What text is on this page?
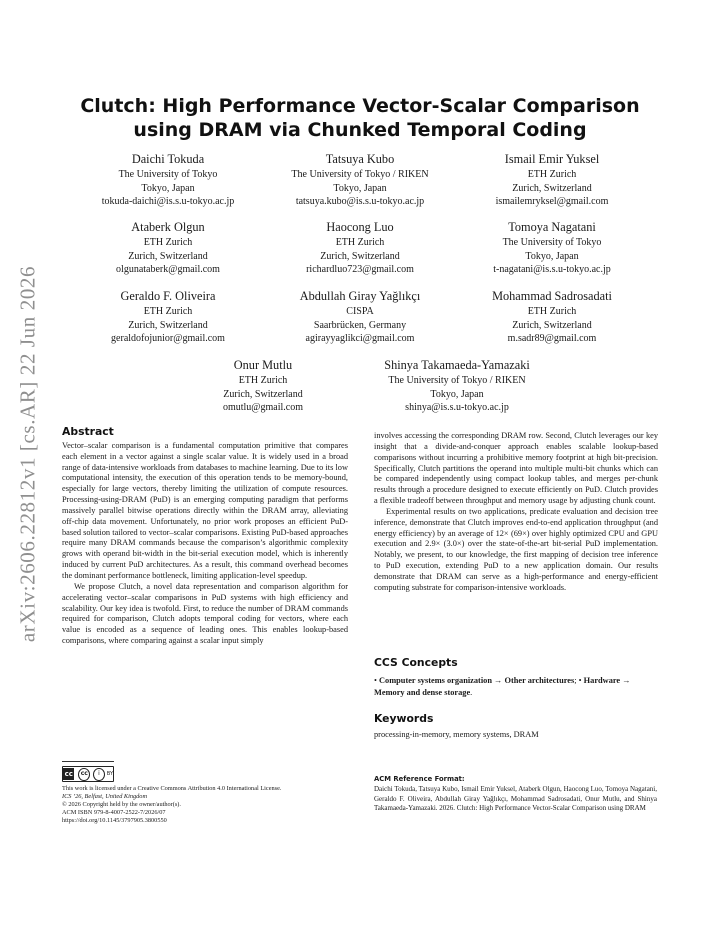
arXiv:2606.22812v1 [cs.AR] 22 Jun 2026
Clutch: High Performance Vector-Scalar Comparison
using DRAM via Chunked Temporal Coding
Daichi Tokuda
The University of Tokyo
Tokyo, Japan
tokuda-daichi@is.s.u-tokyo.ac.jp
Tatsuya Kubo
The University of Tokyo / RIKEN
Tokyo, Japan
tatsuya.kubo@is.s.u-tokyo.ac.jp
Ismail Emir Yuksel
ETH Zurich
Zurich, Switzerland
ismailemryksel@gmail.com
Ataberk Olgun
ETH Zurich
Zurich, Switzerland
olgunataberk@gmail.com
Haocong Luo
ETH Zurich
Zurich, Switzerland
richardluo723@gmail.com
Tomoya Nagatani
The University of Tokyo
Tokyo, Japan
t-nagatani@is.s.u-tokyo.ac.jp
Geraldo F. Oliveira
ETH Zurich
Zurich, Switzerland
geraldofojunior@gmail.com
Abdullah Giray Yağlıkçı
CISPA
Saarbrücken, Germany
agirayyaglikci@gmail.com
Mohammad Sadrosadati
ETH Zurich
Zurich, Switzerland
m.sadr89@gmail.com
Onur Mutlu
ETH Zurich
Zurich, Switzerland
omutlu@gmail.com
Shinya Takamaeda-Yamazaki
The University of Tokyo / RIKEN
Tokyo, Japan
shinya@is.s.u-tokyo.ac.jp
Abstract

Vector–scalar comparison is a fundamental computation primitive that compares each element in a vector against a single scalar value. It is widely used in a broad range of data-intensive workloads from databases to machine learning. Due to its low computational intensity, the execution of this operation tends to be memory-bound, especially for large vectors, thereby limiting the utilization of compute resources. Processing-using-DRAM (PuD) is an emerging computing paradigm that performs massively parallel bitwise operations directly within the DRAM array, alleviating off-chip data movement. Unfortunately, no prior work proposes an efficient PuD-based solution tailored to vector–scalar comparisons. Existing PuD-based approaches require many DRAM commands because the comparison’s algorithmic complexity grows with operand bit-width in the bit-serial execution model, which is inherently induced by current PuD architectures. As a result, this command overhead becomes the dominant performance bottleneck, limiting application-level speedup.

We propose Clutch, a novel data representation and comparison algorithm for accelerating vector–scalar comparisons in PuD systems with high efficiency and scalability. Our key idea is twofold. First, to reduce the number of DRAM commands required for comparison, Clutch adopts temporal coding for vectors, where each value is encoded as a sequence of leading ones. This enables lookup-based comparisons, where comparing against a scalar input simply

involves accessing the corresponding DRAM row. Second, Clutch leverages our key insight that a divide-and-conquer approach enables scalable lookup-based comparisons without incurring a prohibitive memory footprint at high bit-precision. Specifically, Clutch partitions the operand into multiple multi-bit chunks which can be compared independently using compact lookup tables, and merges per-chunk results through a procedure designed to execute efficiently on PuD. Clutch provides a flexible tradeoff between throughput and memory usage by adjusting chunk count.

Experimental results on two applications, predicate evaluation and decision tree inference, demonstrate that Clutch improves end-to-end application throughput (and energy efficiency) by an average of 12× (69×) over highly optimized CPU and GPU execution and 2.9× (3.0×) over the state-of-the-art bit-serial PuD implementation. Notably, we present, to our knowledge, the first mapping of decision tree inference to PuD execution, extending PuD to a new application domain. Our results demonstrate that DRAM can serve as a high-performance and energy-efficient computing substrate for comparison-intensive workloads.

CCS Concepts
• Computer systems organization → Other architectures; • Hardware → Memory and dense storage.
Keywords

processing-in-memory, memory systems, DRAM

ACM Reference Format:
Daichi Tokuda, Tatsuya Kubo, Ismail Emir Yuksel, Ataberk Olgun, Haocong Luo, Tomoya Nagatani, Geraldo F. Oliveira, Abdullah Giray Yağlıkçı, Mohammad Sadrosadati, Onur Mutlu, and Shinya Takamaeda-Yamazaki. 2026. Clutch: High Performance Vector-Scalar Comparison using DRAM
cc	cc	i	BY
This work is licensed under a Creative Commons Attribution 4.0 International License.
ICS ’26, Belfast, United Kingdom
© 2026 Copyright held by the owner/author(s).
ACM ISBN 979-8-4007-2522-7/2026/07
https://doi.org/10.1145/3797905.3800550
